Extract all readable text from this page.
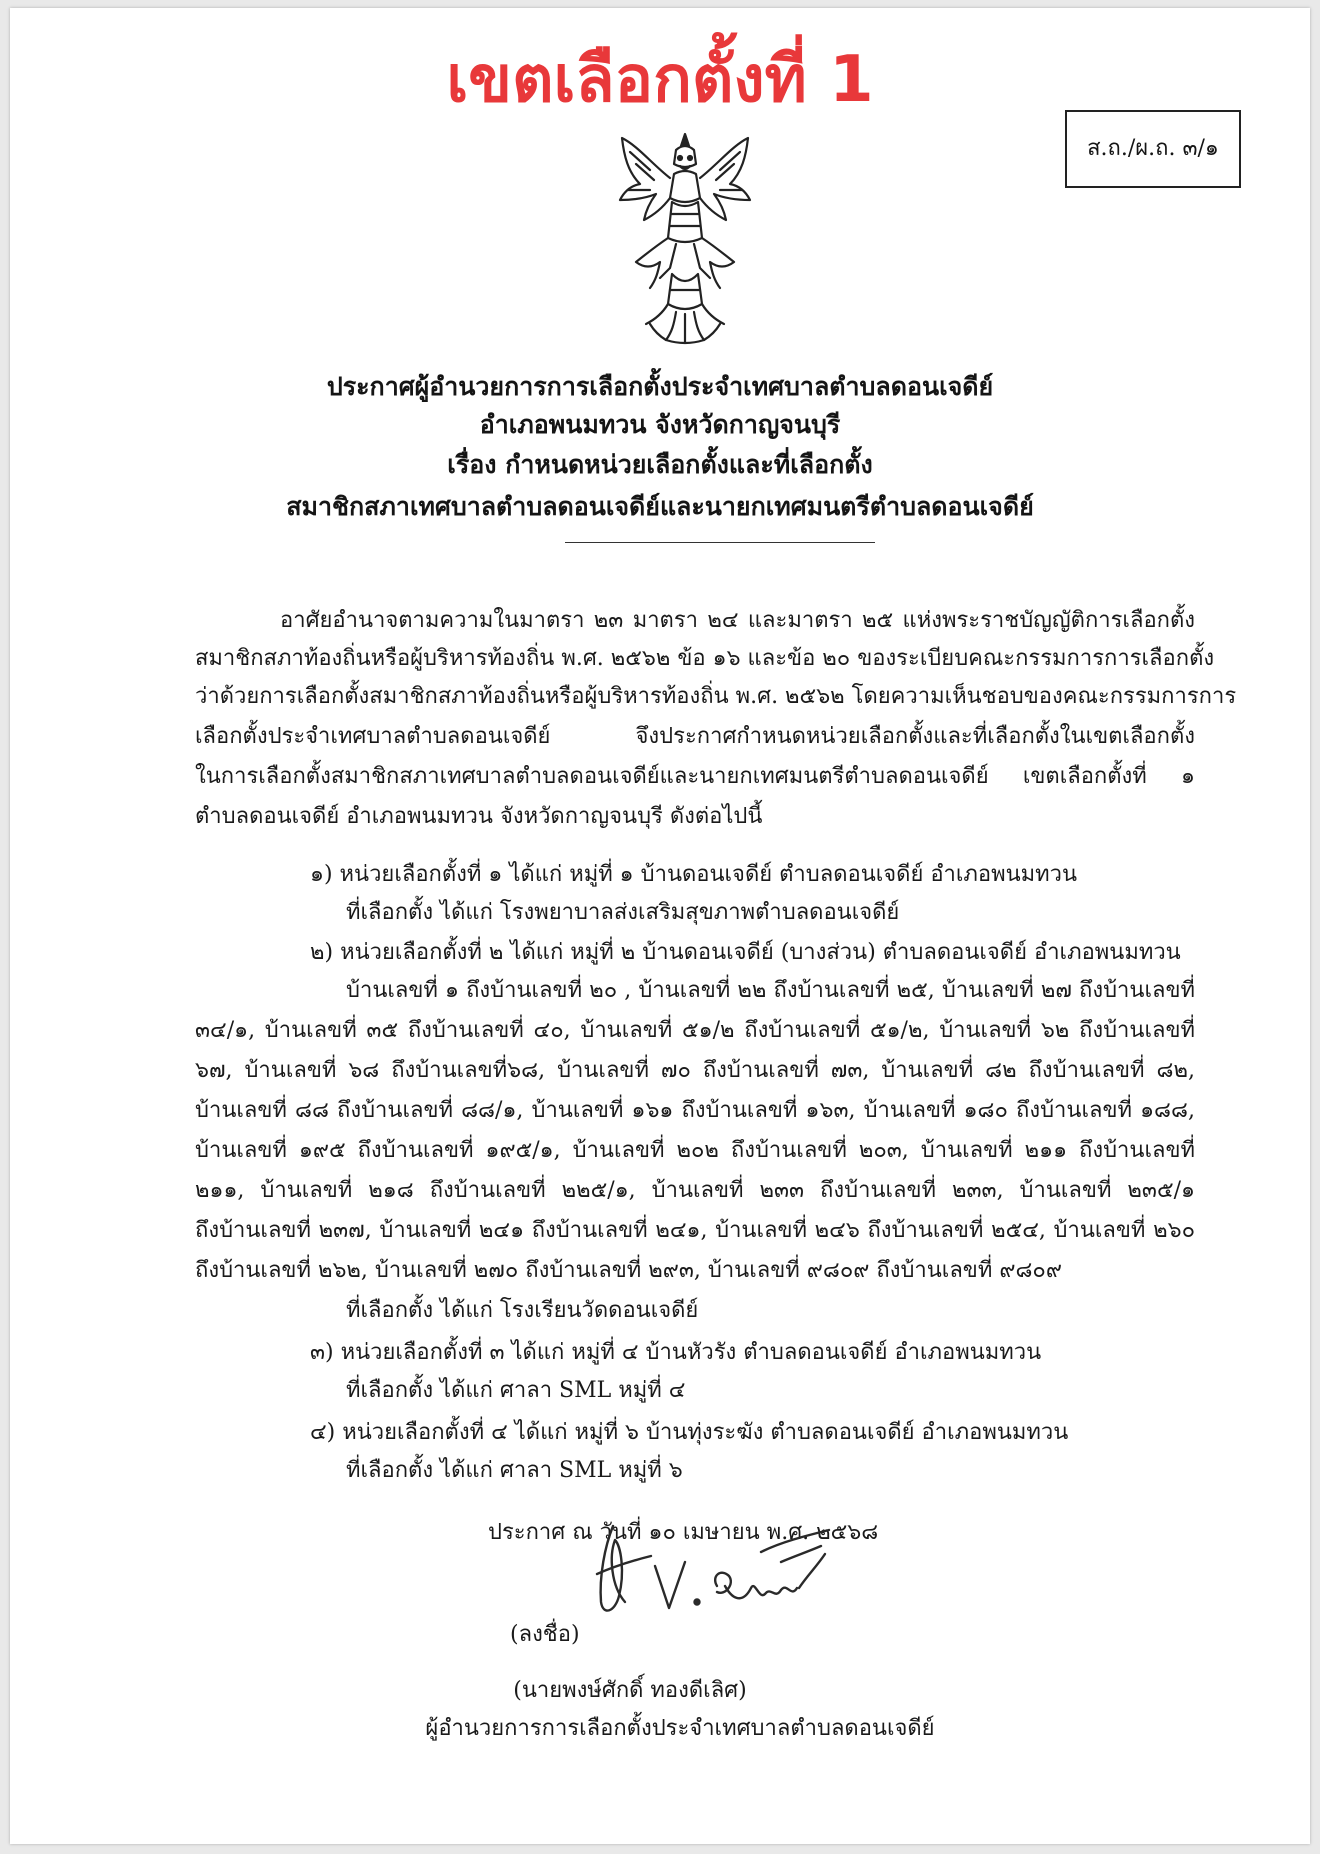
เขตเลือกตั้งที่ 1
ส.ถ./ผ.ถ. ๓/๑
ประกาศผู้อำนวยการการเลือกตั้งประจำเทศบาลตำบลดอนเจดีย์
อำเภอพนมทวน จังหวัดกาญจนบุรี
เรื่อง กำหนดหน่วยเลือกตั้งและที่เลือกตั้ง
สมาชิกสภาเทศบาลตำบลดอนเจดีย์และนายกเทศมนตรีตำบลดอนเจดีย์
อาศัยอำนาจตามความในมาตรา ๒๓ มาตรา ๒๔ และมาตรา ๒๕ แห่งพระราชบัญญัติการเลือกตั้ง
สมาชิกสภาท้องถิ่นหรือผู้บริหารท้องถิ่น พ.ศ. ๒๕๖๒ ข้อ ๑๖ และข้อ ๒๐ ของระเบียบคณะกรรมการการเลือกตั้ง
ว่าด้วยการเลือกตั้งสมาชิกสภาท้องถิ่นหรือผู้บริหารท้องถิ่น พ.ศ. ๒๕๖๒ โดยความเห็นชอบของคณะกรรมการการ
เลือกตั้งประจำเทศบาลตำบลดอนเจดีย์ จึงประกาศกำหนดหน่วยเลือกตั้งและที่เลือกตั้งในเขตเลือกตั้ง
ในการเลือกตั้งสมาชิกสภาเทศบาลตำบลดอนเจดีย์และนายกเทศมนตรีตำบลดอนเจดีย์ เขตเลือกตั้งที่ ๑
ตำบลดอนเจดีย์ อำเภอพนมทวน จังหวัดกาญจนบุรี ดังต่อไปนี้
๑) หน่วยเลือกตั้งที่ ๑ ได้แก่ หมู่ที่ ๑ บ้านดอนเจดีย์ ตำบลดอนเจดีย์ อำเภอพนมทวน
ที่เลือกตั้ง ได้แก่ โรงพยาบาลส่งเสริมสุขภาพตำบลดอนเจดีย์
๒) หน่วยเลือกตั้งที่ ๒ ได้แก่ หมู่ที่ ๒ บ้านดอนเจดีย์ (บางส่วน) ตำบลดอนเจดีย์ อำเภอพนมทวน
บ้านเลขที่ ๑ ถึงบ้านเลขที่ ๒๐ , บ้านเลขที่ ๒๒ ถึงบ้านเลขที่ ๒๕, บ้านเลขที่ ๒๗ ถึงบ้านเลขที่
๓๔/๑, บ้านเลขที่ ๓๕ ถึงบ้านเลขที่ ๔๐, บ้านเลขที่ ๕๑/๒ ถึงบ้านเลขที่ ๕๑/๒, บ้านเลขที่ ๖๒ ถึงบ้านเลขที่
๖๗, บ้านเลขที่ ๖๘ ถึงบ้านเลขที่๖๘, บ้านเลขที่ ๗๐ ถึงบ้านเลขที่ ๗๓, บ้านเลขที่ ๘๒ ถึงบ้านเลขที่ ๘๒,
บ้านเลขที่ ๘๘ ถึงบ้านเลขที่ ๘๘/๑, บ้านเลขที่ ๑๖๑ ถึงบ้านเลขที่ ๑๖๓, บ้านเลขที่ ๑๘๐ ถึงบ้านเลขที่ ๑๘๘,
บ้านเลขที่ ๑๙๕ ถึงบ้านเลขที่ ๑๙๕/๑, บ้านเลขที่ ๒๐๒ ถึงบ้านเลขที่ ๒๐๓, บ้านเลขที่ ๒๑๑ ถึงบ้านเลขที่
๒๑๑, บ้านเลขที่ ๒๑๘ ถึงบ้านเลขที่ ๒๒๕/๑, บ้านเลขที่ ๒๓๓ ถึงบ้านเลขที่ ๒๓๓, บ้านเลขที่ ๒๓๕/๑
ถึงบ้านเลขที่ ๒๓๗, บ้านเลขที่ ๒๔๑ ถึงบ้านเลขที่ ๒๔๑, บ้านเลขที่ ๒๔๖ ถึงบ้านเลขที่ ๒๕๔, บ้านเลขที่ ๒๖๐
ถึงบ้านเลขที่ ๒๖๒, บ้านเลขที่ ๒๗๐ ถึงบ้านเลขที่ ๒๙๓, บ้านเลขที่ ๙๘๐๙ ถึงบ้านเลขที่ ๙๘๐๙
ที่เลือกตั้ง ได้แก่ โรงเรียนวัดดอนเจดีย์
๓) หน่วยเลือกตั้งที่ ๓ ได้แก่ หมู่ที่ ๔ บ้านหัวรัง ตำบลดอนเจดีย์ อำเภอพนมทวน
ที่เลือกตั้ง ได้แก่ ศาลา SML หมู่ที่ ๔
๔) หน่วยเลือกตั้งที่ ๔ ได้แก่ หมู่ที่ ๖ บ้านทุ่งระฆัง ตำบลดอนเจดีย์ อำเภอพนมทวน
ที่เลือกตั้ง ได้แก่ ศาลา SML หมู่ที่ ๖
ประกาศ ณ วันที่ ๑๐ เมษายน พ.ศ. ๒๕๖๘
(ลงชื่อ)
(นายพงษ์ศักดิ์ ทองดีเลิศ)
ผู้อำนวยการการเลือกตั้งประจำเทศบาลตำบลดอนเจดีย์
